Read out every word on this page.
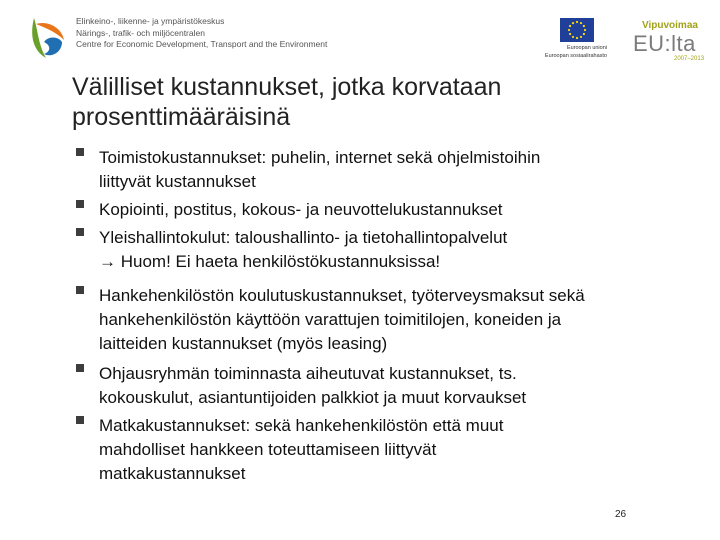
Elinkeino-, liikenne- ja ympäristökeskus
Närings-, trafik- och miljöcentralen
Centre for Economic Development, Transport and the Environment	Euroopan unioni
Euroopan sosiaalirahasto
Vipuvoimaa
EU:lta
2007–2013
Välilliset kustannukset, jotka korvataan
prosenttimääräisinä
Toimistokustannukset: puhelin, internet sekä ohjelmistoihin
liittyvät kustannukset
Kopiointi, postitus, kokous- ja neuvottelukustannukset
Yleishallintokulut: taloushallinto- ja tietohallintopalvelut
→ Huom! Ei haeta henkilöstökustannuksissa!
Hankehenkilöstön koulutuskustannukset, työterveysmaksut sekä
hankehenkilöstön käyttöön varattujen toimitilojen, koneiden ja
laitteiden kustannukset (myös leasing)
Ohjausryhmän toiminnasta aiheutuvat kustannukset, ts.
kokouskulut, asiantuntijoiden palkkiot ja muut korvaukset
Matkakustannukset: sekä hankehenkilöstön että muut
mahdolliset hankkeen toteuttamiseen liittyvät
matkakustannukset
26
